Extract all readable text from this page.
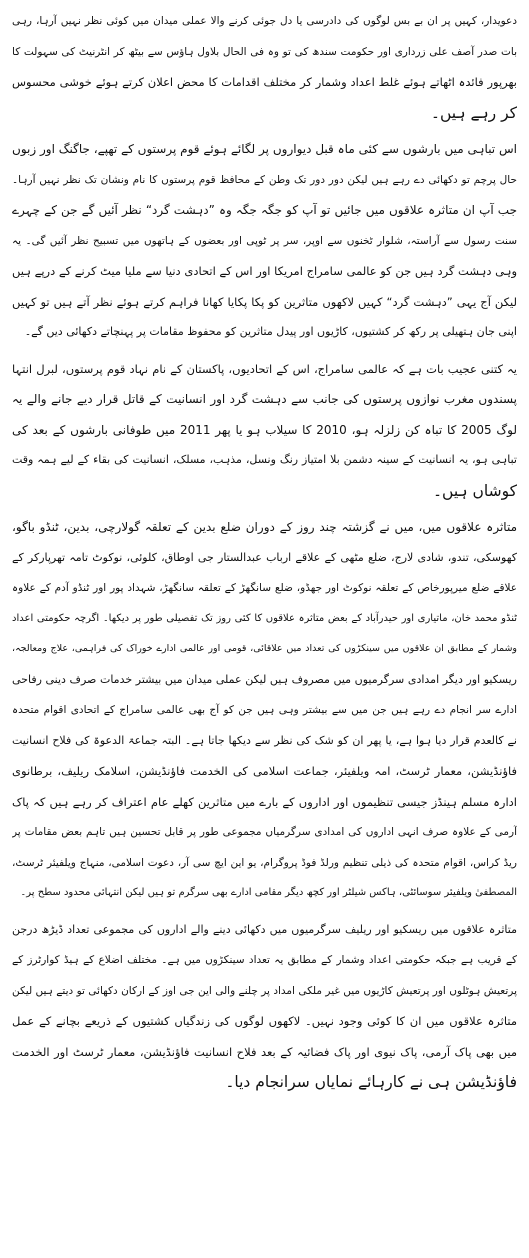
دعویدار، کہیں پر ان بے بس لوگوں کی دادرسی یا دل جوئی کرنے والا عملی میدان میں کوئی نظر نہیں آرہا، رہی
بات صدر آصف علی زرداری اور حکومت سندھ کی تو وہ فی الحال بلاول ہاؤس سے بیٹھ کر انٹرنیٹ کی سہولت کا
بھرپور فائدہ اٹھاتے ہوئے غلط اعداد وشمار کر مختلف اقدامات کا محض اعلان کرتے ہوئے خوشی محسوس
کر رہے ہیں۔
اس تباہی میں بارشوں سے کئی ماہ قبل دیواروں پر لگائے ہوئے قوم پرستوں کے تھپے، جاگنگ اور زبوں
حال پرچم تو دکھائی دے رہے ہیں لیکن دور دور تک وطن کے محافظ قوم پرستوں کا نام ونشان تک نظر نہیں آرہا۔
جب آپ ان متاثرہ علاقوں میں جائیں تو آپ کو جگہ جگہ وہ ”دہشت گرد“ نظر آئیں گے جن کے چہرے
سنت رسول سے آراستہ، شلوار ٹخنوں سے اوپر، سر پر ٹوپی اور بعضوں کے ہاتھوں میں تسبیح نظر آئیں گی۔ یہ
وہی دہشت گرد ہیں جن کو عالمی سامراج امریکا اور اس کے اتحادی دنیا سے ملیا میٹ کرنے کے درپے ہیں
لیکن آج یہی ”دہشت گرد“ کہیں لاکھوں متاثرین کو پکا پکایا کھانا فراہم کرتے ہوئے نظر آتے ہیں تو کہیں
اپنی جان ہتھیلی پر رکھ کر کشتیوں، کاڑیوں اور پیدل متاثرین کو محفوظ مقامات پر پہنچاتے دکھائی دیں گے۔
یہ کتنی عجیب بات ہے کہ عالمی سامراج، اس کے اتحادیوں، پاکستان کے نام نہاد قوم پرستوں، لبرل انتہا
پسندوں مغرب نوازوں پرستوں کی جانب سے دہشت گرد اور انسانیت کے قاتل قرار دیے جانے والے یہ
لوگ 2005 کا تباہ کن زلزلہ ہو، 2010 کا سیلاب ہو یا پھر 2011 میں طوفانی بارشوں کے بعد کی
تباہی ہو، یہ انسانیت کے سینہ دشمن بلا امتیاز رنگ ونسل، مذہب، مسلک، انسانیت کی بقاء کے لیے ہمہ وقت
کوشاں ہیں۔
متاثرہ علاقوں میں، میں نے گزشتہ چند روز کے دوران ضلع بدین کے تعلقہ گولارچی، بدین، ٹنڈو باگو،
کھوسکی، تندو، شادی لارج، ضلع مٹھی کے علاقے ارباب عبدالستار جی اوطاق، کلوئی، نوکوٹ تامہ تھرپارکر کے
علاقے ضلع میرپورخاص کے تعلقہ نوکوٹ اور جھڈو، ضلع سانگھڑ کے تعلقہ سانگھڑ، شہداد پور اور ٹنڈو آدم کے علاوہ
ٹنڈو محمد خان، ماتیاری اور حیدرآباد کے بعض متاثرہ علاقوں کا کئی روز تک تفصیلی طور پر دیکھا۔ اگرچہ حکومتی اعداد
وشمار کے مطابق ان علاقوں میں سینکڑوں کی تعداد میں علاقائی، قومی اور عالمی ادارے خوراک کی فراہمی، علاج ومعالجہ،
ریسکیو اور دیگر امدادی سرگرمیوں میں مصروف ہیں لیکن عملی میدان میں بیشتر خدمات صرف دینی رفاحی
ادارے سر انجام دے رہے ہیں جن میں سے بیشتر وہی ہیں جن کو آج بھی عالمی سامراج کے اتحادی اقوام متحدہ
نے کالعدم قرار دیا ہوا ہے، یا پھر ان کو شک کی نظر سے دیکھا جاتا ہے۔ البتہ جماعۃ الدعوۃ کی فلاح انسانیت
فاؤنڈیشن، معمار ٹرسٹ، امہ ویلفیئر، جماعت اسلامی کی الخدمت فاؤنڈیشن، اسلامک ریلیف، برطانوی
ادارہ مسلم ہینڈز جیسی تنظیموں اور اداروں کے بارے میں متاثرین کھلے عام اعتراف کر رہے ہیں کہ پاک
آرمی کے علاوہ صرف انہی اداروں کی امدادی سرگرمیاں مجموعی طور پر قابل تحسین ہیں تاہم بعض مقامات پر
ریڈ کراس، اقوام متحدہ کی ذیلی تنظیم ورلڈ فوڈ پروگرام، یو این ایچ سی آر، دعوت اسلامی، منہاج ویلفیئر ٹرسٹ،
المصطفیٰ ویلفیئر سوسائٹی، ہاکس شیلٹر اور کچھ دیگر مقامی ادارے بھی سرگرم تو ہیں لیکن انتہائی محدود سطح پر۔
متاثرہ علاقوں میں ریسکیو اور ریلیف سرگرمیوں میں دکھائی دینے والے اداروں کی مجموعی تعداد ڈیڑھ درجن
کے قریب ہے جبکہ حکومتی اعداد وشمار کے مطابق یہ تعداد سینکڑوں میں ہے۔ مختلف اضلاع کے ہیڈ کوارٹرز کے
پرتعیش ہوٹلوں اور پرتعیش کاڑیوں میں غیر ملکی امداد پر چلنے والی این جی اوز کے ارکان دکھائی تو دیتے ہیں لیکن
متاثرہ علاقوں میں ان کا کوئی وجود نہیں۔ لاکھوں لوگوں کی زندگیاں کشتیوں کے ذریعے بچانے کے عمل
میں بھی پاک آرمی، پاک نیوی اور پاک فضائیہ کے بعد فلاح انسانیت فاؤنڈیشن، معمار ٹرسٹ اور الخدمت
فاؤنڈیشن ہی نے کارہائے نمایاں سرانجام دیا۔
